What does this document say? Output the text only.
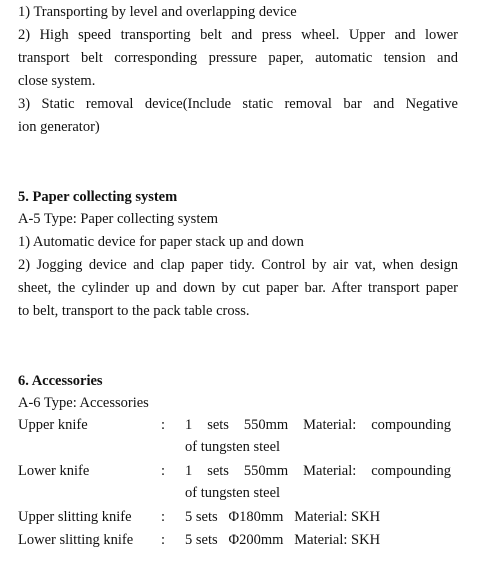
1) Transporting by level and overlapping device
2) High speed transporting belt and press wheel. Upper and lower
transport belt corresponding pressure paper, automatic tension and
close system.
3) Static removal device(Include static removal bar and Negative
ion generator)
5. Paper collecting system
A-5 Type: Paper collecting system
1) Automatic device for paper stack up and down
2) Jogging device and clap paper tidy. Control by air vat, when design
sheet, the cylinder up and down by cut paper bar. After transport paper
to belt, transport to the pack table cross.
6. Accessories
A-6 Type: Accessories
Upper knife	: 1 sets 550mm Material: compounding
of tungsten steel
Lower knife	: 1 sets 550mm Material: compounding
of tungsten steel
Upper slitting knife : 5 sets   Φ180mm   Material: SKH
Lower slitting knife : 5 sets   Φ200mm   Material: SKH
